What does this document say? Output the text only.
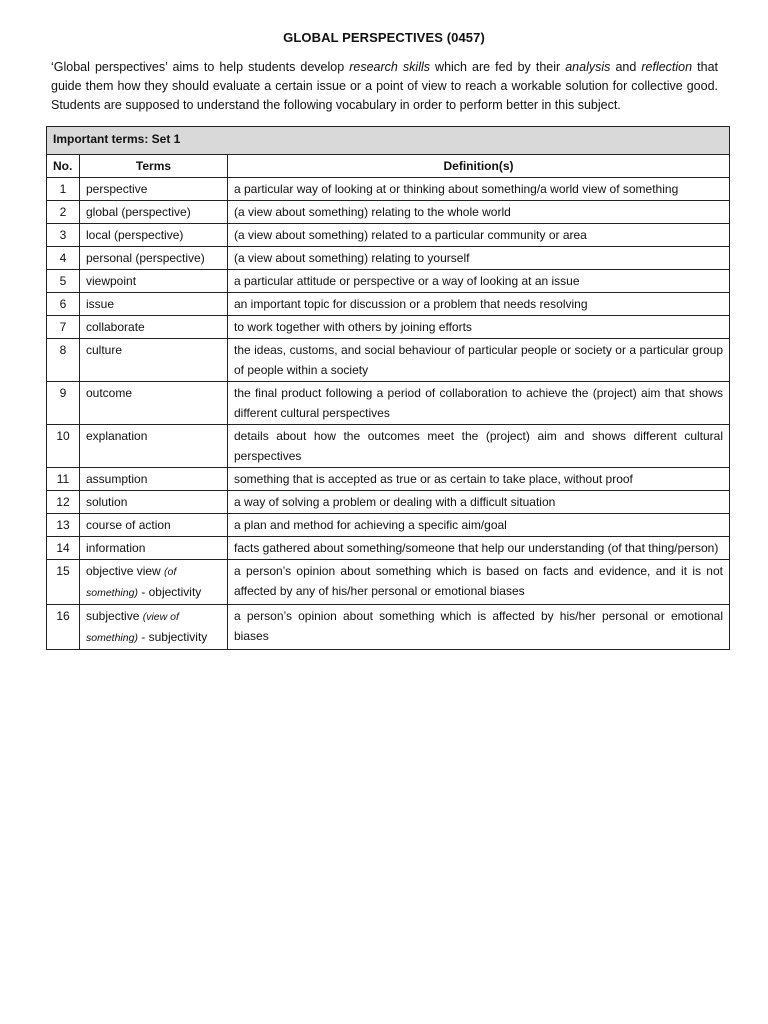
GLOBAL PERSPECTIVES (0457)

‘Global perspectives’ aims to help students develop research skills which are fed by their analysis and reflection that guide them how they should evaluate a certain issue or a point of view to reach a workable solution for collective good. Students are supposed to understand the following vocabulary in order to perform better in this subject.

Important terms: Set 1		
No.	Terms	Definition(s)
1	perspective	a particular way of looking at or thinking about something/a world view of something
2	global (perspective)	(a view about something) relating to the whole world
3	local (perspective)	(a view about something) related to a particular community or area
4	personal (perspective)	(a view about something) relating to yourself
5	viewpoint	a particular attitude or perspective or a way of looking at an issue
6	issue	an important topic for discussion or a problem that needs resolving
7	collaborate	to work together with others by joining efforts
8	culture	the ideas, customs, and social behaviour of particular people or society or a particular group of people within a society
9	outcome	the final product following a period of collaboration to achieve the (project) aim that shows different cultural perspectives
10	explanation	details about how the outcomes meet the (project) aim and shows different cultural perspectives
11	assumption	something that is accepted as true or as certain to take place, without proof
12	solution	a way of solving a problem or dealing with a difficult situation
13	course of action	a plan and method for achieving a specific aim/goal
14	information	facts gathered about something/someone that help our understanding (of that thing/person)
15	objective view (of something) - objectivity	a person’s opinion about something which is based on facts and evidence, and it is not affected by any of his/her personal or emotional biases
16	subjective (view of something) - subjectivity	a person’s opinion about something which is affected by his/her personal or emotional biases
